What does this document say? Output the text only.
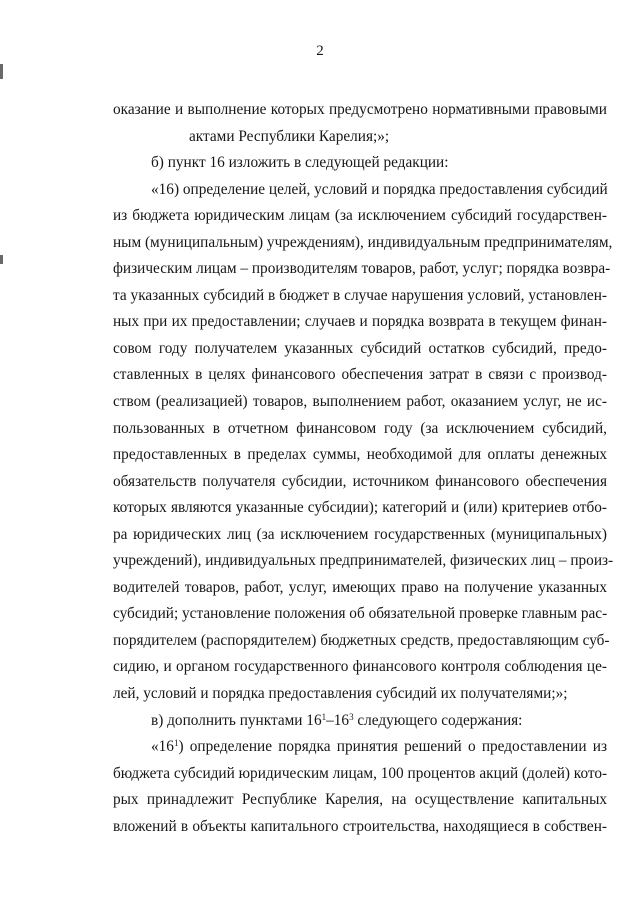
2
оказание и выполнение которых предусмотрено нормативными правовыми
актами Республики Карелия;»;
б) пункт 16 изложить в следующей редакции:
«16) определение целей, условий и порядка предоставления субсидий
из бюджета юридическим лицам (за исключением субсидий государствен-
ным (муниципальным) учреждениям), индивидуальным предпринимателям,
физическим лицам – производителям товаров, работ, услуг; порядка возвра-
та указанных субсидий в бюджет в случае нарушения условий, установлен-
ных при их предоставлении; случаев и порядка возврата в текущем финан-
совом году получателем указанных субсидий остатков субсидий, предо-
ставленных в целях финансового обеспечения затрат в связи с производ-
ством (реализацией) товаров, выполнением работ, оказанием услуг, не ис-
пользованных в отчетном финансовом году (за исключением субсидий,
предоставленных в пределах суммы, необходимой для оплаты денежных
обязательств получателя субсидии, источником финансового обеспечения
которых являются указанные субсидии); категорий и (или) критериев отбо-
ра юридических лиц (за исключением государственных (муниципальных)
учреждений), индивидуальных предпринимателей, физических лиц – произ-
водителей товаров, работ, услуг, имеющих право на получение указанных
субсидий; установление положения об обязательной проверке главным рас-
порядителем (распорядителем) бюджетных средств, предоставляющим суб-
сидию, и органом государственного финансового контроля соблюдения це-
лей, условий и порядка предоставления субсидий их получателями;»;
в) дополнить пунктами $16^1-16^3$ следующего содержания:
«$16^1$) определение порядка принятия решений о предоставлении из
бюджета субсидий юридическим лицам, 100 процентов акций (долей) кото-
рых принадлежит Республике Карелия, на осуществление капитальных
вложений в объекты капитального строительства, находящиеся в собствен-
